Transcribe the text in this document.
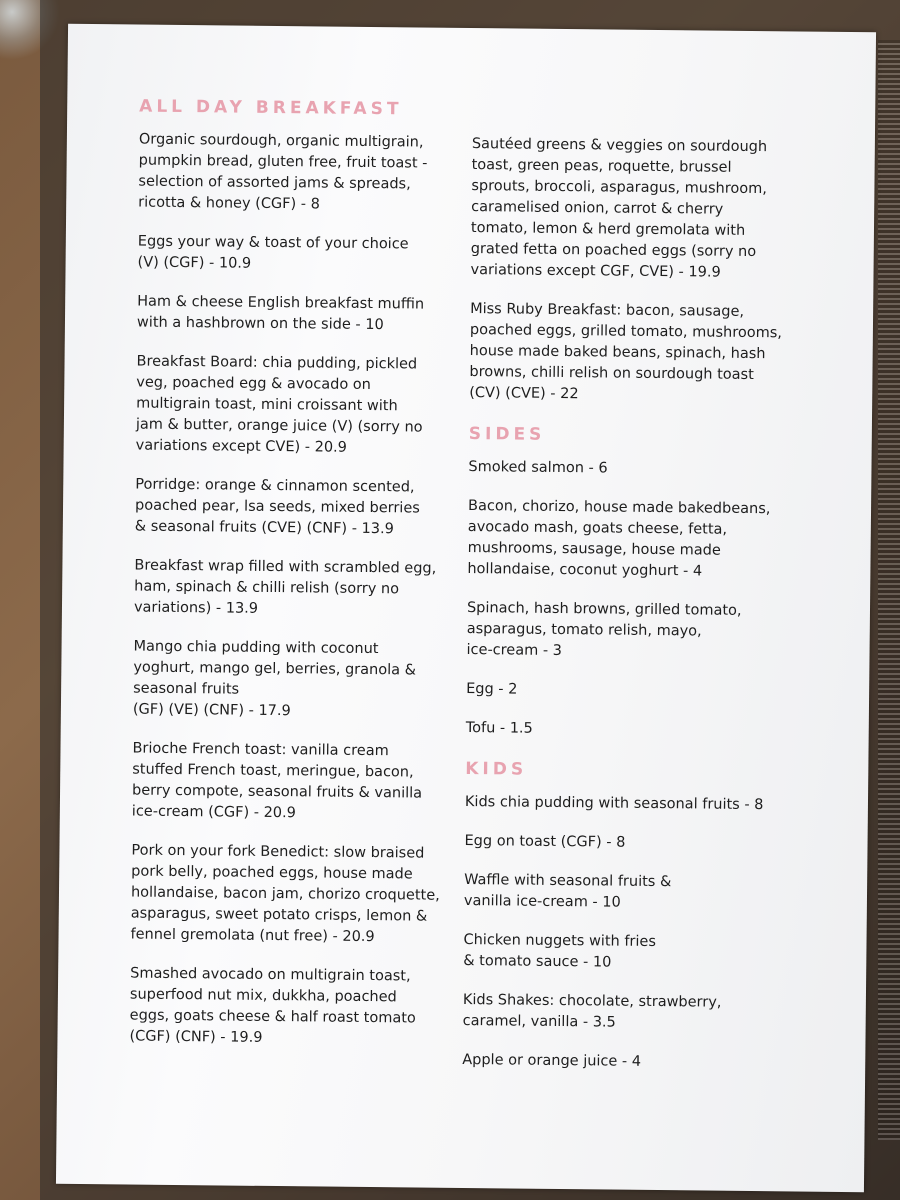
ALL DAY BREAKFAST
Organic sourdough, organic multigrain,
pumpkin bread, gluten free, fruit toast -
selection of assorted jams & spreads,
ricotta & honey (CGF) - 8
Eggs your way & toast of your choice
(V) (CGF) - 10.9
Ham & cheese English breakfast muffin
with a hashbrown on the side - 10
Breakfast Board: chia pudding, pickled
veg, poached egg & avocado on
multigrain toast, mini croissant with
jam & butter, orange juice (V) (sorry no
variations except CVE) - 20.9
Porridge: orange & cinnamon scented,
poached pear, lsa seeds, mixed berries
& seasonal fruits (CVE) (CNF) - 13.9
Breakfast wrap filled with scrambled egg,
ham, spinach & chilli relish (sorry no
variations) - 13.9
Mango chia pudding with coconut
yoghurt, mango gel, berries, granola &
seasonal fruits
(GF) (VE) (CNF) - 17.9
Brioche French toast: vanilla cream
stuffed French toast, meringue, bacon,
berry compote, seasonal fruits & vanilla
ice-cream (CGF) - 20.9
Pork on your fork Benedict: slow braised
pork belly, poached eggs, house made
hollandaise, bacon jam, chorizo croquette,
asparagus, sweet potato crisps, lemon &
fennel gremolata (nut free) - 20.9
Smashed avocado on multigrain toast,
superfood nut mix, dukkha, poached
eggs, goats cheese & half roast tomato
(CGF) (CNF) - 19.9
Sautéed greens & veggies on sourdough
toast, green peas, roquette, brussel
sprouts, broccoli, asparagus, mushroom,
caramelised onion, carrot & cherry
tomato, lemon & herd gremolata with
grated fetta on poached eggs (sorry no
variations except CGF, CVE) - 19.9
Miss Ruby Breakfast: bacon, sausage,
poached eggs, grilled tomato, mushrooms,
house made baked beans, spinach, hash
browns, chilli relish on sourdough toast
(CV) (CVE) - 22
SIDES
Smoked salmon - 6
Bacon, chorizo, house made bakedbeans,
avocado mash, goats cheese, fetta,
mushrooms, sausage, house made
hollandaise, coconut yoghurt - 4
Spinach, hash browns, grilled tomato,
asparagus, tomato relish, mayo,
ice-cream - 3
Egg - 2
Tofu - 1.5
KIDS
Kids chia pudding with seasonal fruits - 8
Egg on toast (CGF) - 8
Waffle with seasonal fruits &
vanilla ice-cream - 10
Chicken nuggets with fries
& tomato sauce - 10
Kids Shakes: chocolate, strawberry,
caramel, vanilla - 3.5
Apple or orange juice - 4
